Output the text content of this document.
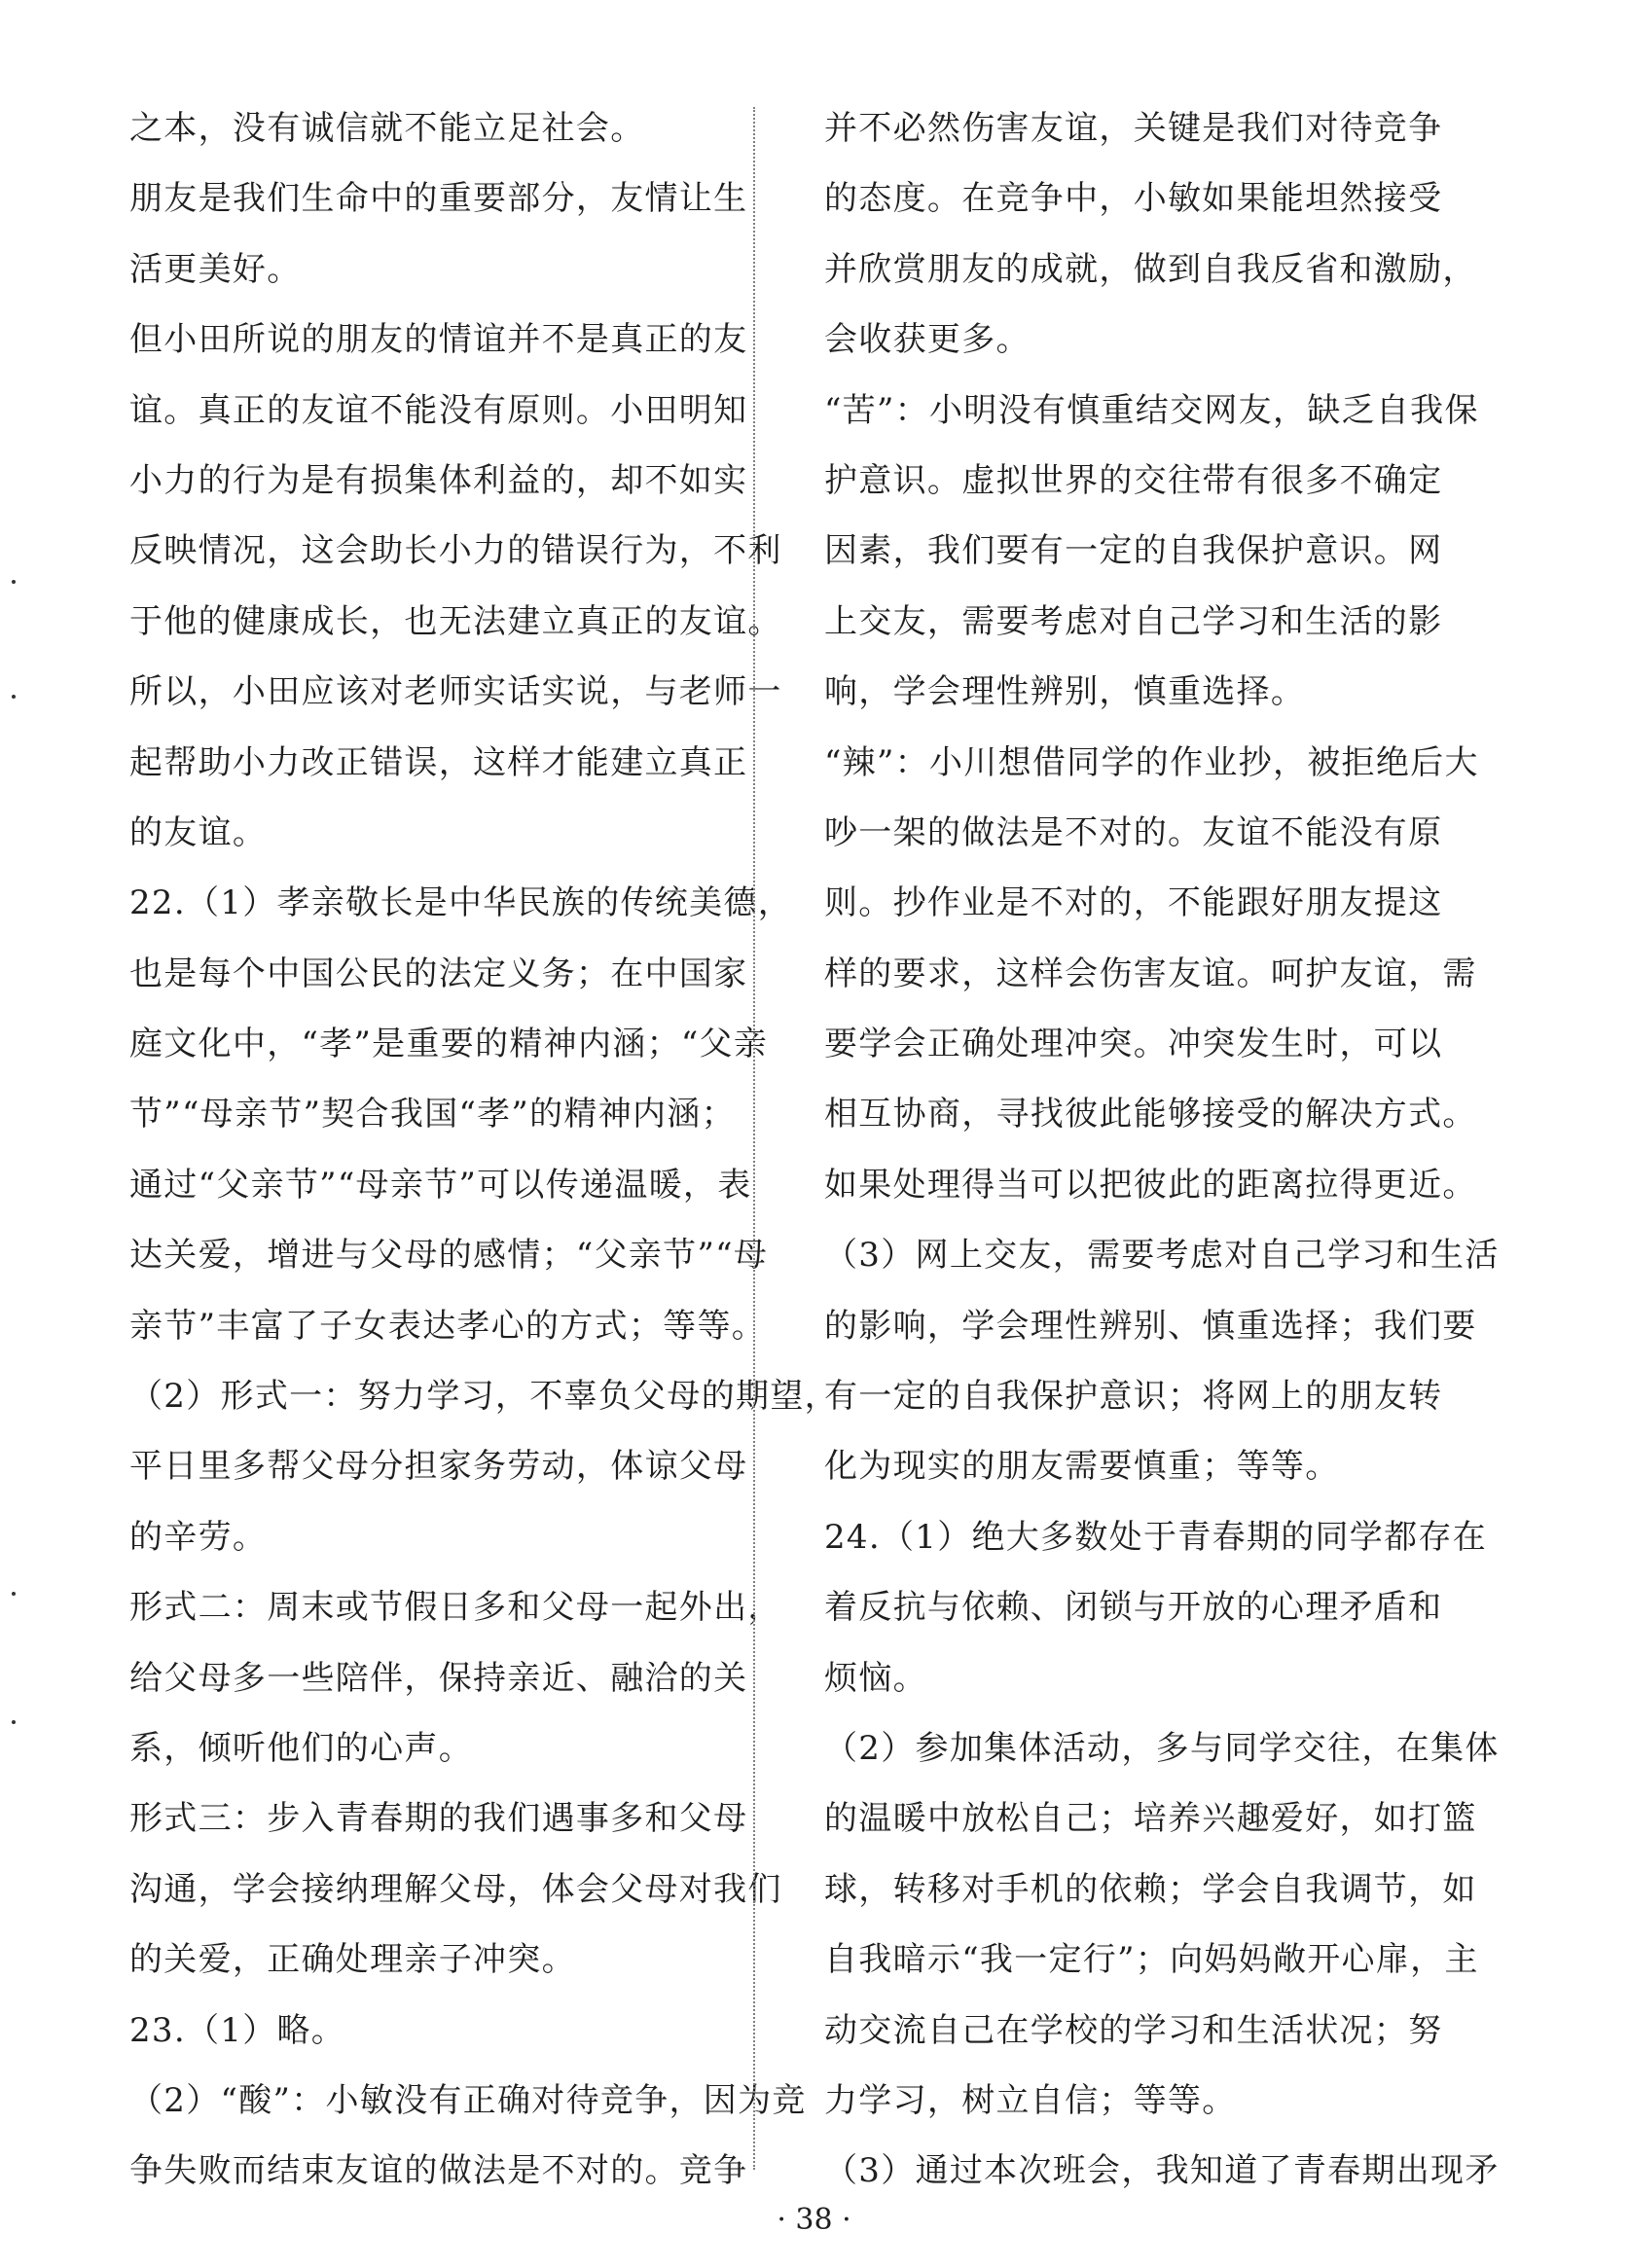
之本，没有诚信就不能立足社会。
朋友是我们生命中的重要部分，友情让生
活更美好。
但小田所说的朋友的情谊并不是真正的友
谊。真正的友谊不能没有原则。小田明知
小力的行为是有损集体利益的，却不如实
反映情况，这会助长小力的错误行为，不利
于他的健康成长，也无法建立真正的友谊。
所以，小田应该对老师实话实说，与老师一
起帮助小力改正错误，这样才能建立真正
的友谊。
22.（1）孝亲敬长是中华民族的传统美德，
也是每个中国公民的法定义务；在中国家
庭文化中，“孝”是重要的精神内涵；“父亲
节”“母亲节”契合我国“孝”的精神内涵；
通过“父亲节”“母亲节”可以传递温暖，表
达关爱，增进与父母的感情；“父亲节”“母
亲节”丰富了子女表达孝心的方式；等等。
（2）形式一：努力学习，不辜负父母的期望，
平日里多帮父母分担家务劳动，体谅父母
的辛劳。
形式二：周末或节假日多和父母一起外出，
给父母多一些陪伴，保持亲近、融洽的关
系，倾听他们的心声。
形式三：步入青春期的我们遇事多和父母
沟通，学会接纳理解父母，体会父母对我们
的关爱，正确处理亲子冲突。
23.（1）略。
（2）“酸”：小敏没有正确对待竞争，因为竞
争失败而结束友谊的做法是不对的。竞争
并不必然伤害友谊，关键是我们对待竞争
的态度。在竞争中，小敏如果能坦然接受
并欣赏朋友的成就，做到自我反省和激励，
会收获更多。
“苦”：小明没有慎重结交网友，缺乏自我保
护意识。虚拟世界的交往带有很多不确定
因素，我们要有一定的自我保护意识。网
上交友，需要考虑对自己学习和生活的影
响，学会理性辨别，慎重选择。
“辣”：小川想借同学的作业抄，被拒绝后大
吵一架的做法是不对的。友谊不能没有原
则。抄作业是不对的，不能跟好朋友提这
样的要求，这样会伤害友谊。呵护友谊，需
要学会正确处理冲突。冲突发生时，可以
相互协商，寻找彼此能够接受的解决方式。
如果处理得当可以把彼此的距离拉得更近。
（3）网上交友，需要考虑对自己学习和生活
的影响，学会理性辨别、慎重选择；我们要
有一定的自我保护意识；将网上的朋友转
化为现实的朋友需要慎重；等等。
24.（1）绝大多数处于青春期的同学都存在
着反抗与依赖、闭锁与开放的心理矛盾和
烦恼。
（2）参加集体活动，多与同学交往，在集体
的温暖中放松自己；培养兴趣爱好，如打篮
球，转移对手机的依赖；学会自我调节，如
自我暗示“我一定行”；向妈妈敞开心扉，主
动交流自己在学校的学习和生活状况；努
力学习，树立自信；等等。
（3）通过本次班会，我知道了青春期出现矛
· 38 ·
